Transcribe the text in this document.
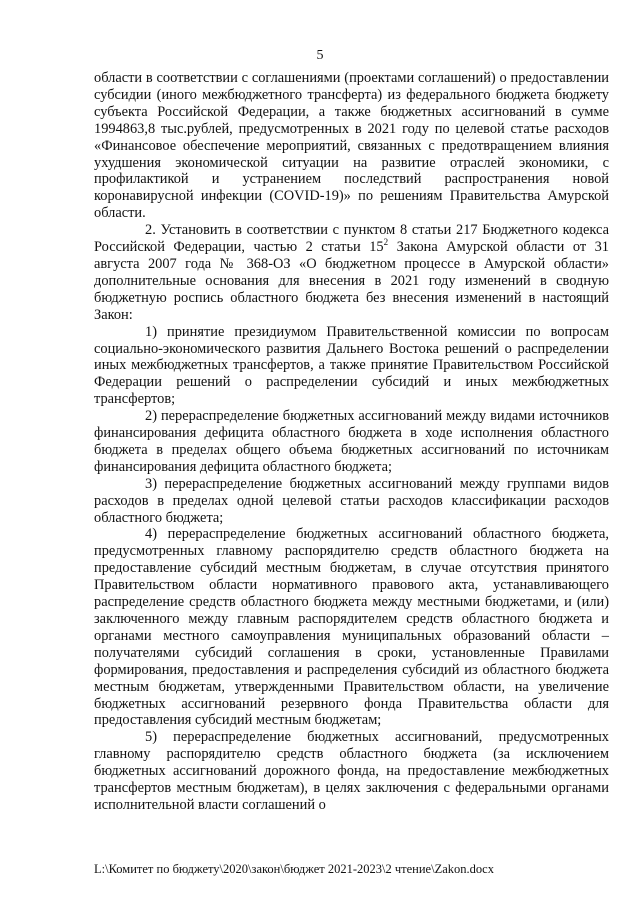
5

области в соответствии с соглашениями (проектами соглашений) о предоставлении субсидии (иного межбюджетного трансферта) из федерального бюджета бюджету субъекта Российской Федерации, а также бюджетных ассигнований в сумме 1994863,8 тыс.рублей, предусмотренных в 2021 году по целевой статье расходов «Финансовое обеспечение мероприятий, связанных с предотвращением влияния ухудшения экономической ситуации на развитие отраслей экономики, с профилактикой и устранением последствий распространения новой коронавирусной инфекции (COVID-19)» по решениям Правительства Амурской области.

2. Установить в соответствии с пунктом 8 статьи 217 Бюджетного кодекса Российской Федерации, частью 2 статьи $15^2$ Закона Амурской области от 31 августа 2007 года № 368-ОЗ «О бюджетном процессе в Амурской области» дополнительные основания для внесения в 2021 году изменений в сводную бюджетную роспись областного бюджета без внесения изменений в настоящий Закон:

1) принятие президиумом Правительственной комиссии по вопросам социально-экономического развития Дальнего Востока решений о распределении иных межбюджетных трансфертов, а также принятие Правительством Российской Федерации решений о распределении субсидий и иных межбюджетных трансфертов;

2) перераспределение бюджетных ассигнований между видами источников финансирования дефицита областного бюджета в ходе исполнения областного бюджета в пределах общего объема бюджетных ассигнований по источникам финансирования дефицита областного бюджета;

3) перераспределение бюджетных ассигнований между группами видов расходов в пределах одной целевой статьи расходов классификации расходов областного бюджета;

4) перераспределение бюджетных ассигнований областного бюджета, предусмотренных главному распорядителю средств областного бюджета на предоставление субсидий местным бюджетам, в случае отсутствия принятого Правительством области нормативного правового акта, устанавливающего распределение средств областного бюджета между местными бюджетами, и (или) заключенного между главным распорядителем средств областного бюджета и органами местного самоуправления муниципальных образований области – получателями субсидий соглашения в сроки, установленные Правилами формирования, предоставления и распределения субсидий из областного бюджета местным бюджетам, утвержденными Правительством области, на увеличение бюджетных ассигнований резервного фонда Правительства области для предоставления субсидий местным бюджетам;

5) перераспределение бюджетных ассигнований, предусмотренных главному распорядителю средств областного бюджета (за исключением бюджетных ассигнований дорожного фонда, на предоставление межбюджетных трансфертов местным бюджетам), в целях заключения с федеральными органами исполнительной власти соглашений о

L:\Комитет по бюджету\2020\закон\бюджет 2021-2023\2 чтение\Zakon.docx
